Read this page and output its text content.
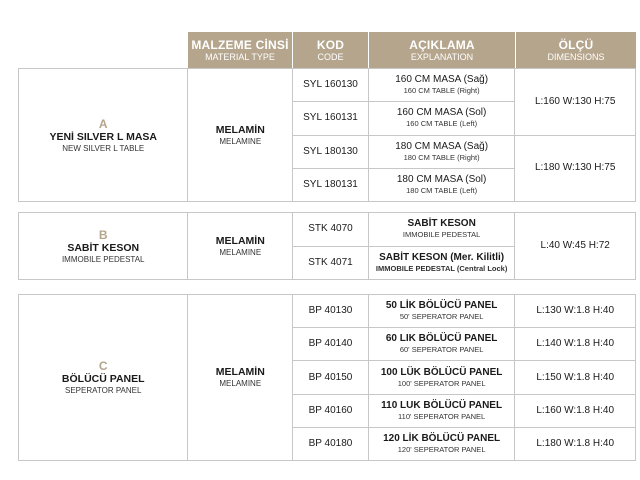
MALZEME CİNSİ
MATERIAL TYPE
KOD
CODE
AÇIKLAMA
EXPLANATION
ÖLÇÜ
DIMENSIONS
A
YENİ SILVER L MASA
NEW SILVER L TABLE
MELAMİN
MELAMINE
SYL 160130
SYL 160131
SYL 180130
SYL 180131
160 CM MASA (Sağ)
160 CM TABLE (Right)
160 CM MASA (Sol)
160 CM TABLE (Left)
180 CM MASA (Sağ)
180 CM TABLE (Right)
180 CM MASA (Sol)
180 CM TABLE (Left)
L:160 W:130 H:75
L:180 W:130 H:75
B
SABİT KESON
IMMOBILE PEDESTAL
MELAMİN
MELAMINE
STK 4070
STK 4071
SABİT KESON
IMMOBILE PEDESTAL
SABİT KESON (Mer. Kilitli)
IMMOBILE PEDESTAL (Central Lock)
L:40 W:45 H:72
C
BÖLÜCÜ PANEL
SEPERATOR PANEL
MELAMİN
MELAMINE
BP 40130
BP 40140
BP 40150
BP 40160
BP 40180
50 LİK BÖLÜCÜ PANEL
50' SEPERATOR PANEL
60 LIK BÖLÜCÜ PANEL
60' SEPERATOR PANEL
100 LÜK BÖLÜCÜ PANEL
100' SEPERATOR PANEL
110 LUK BÖLÜCÜ PANEL
110' SEPERATOR PANEL
120 LİK BÖLÜCÜ PANEL
120' SEPERATOR PANEL
L:130 W:1.8 H:40
L:140 W:1.8 H:40
L:150 W:1.8 H:40
L:160 W:1.8 H:40
L:180 W:1.8 H:40
